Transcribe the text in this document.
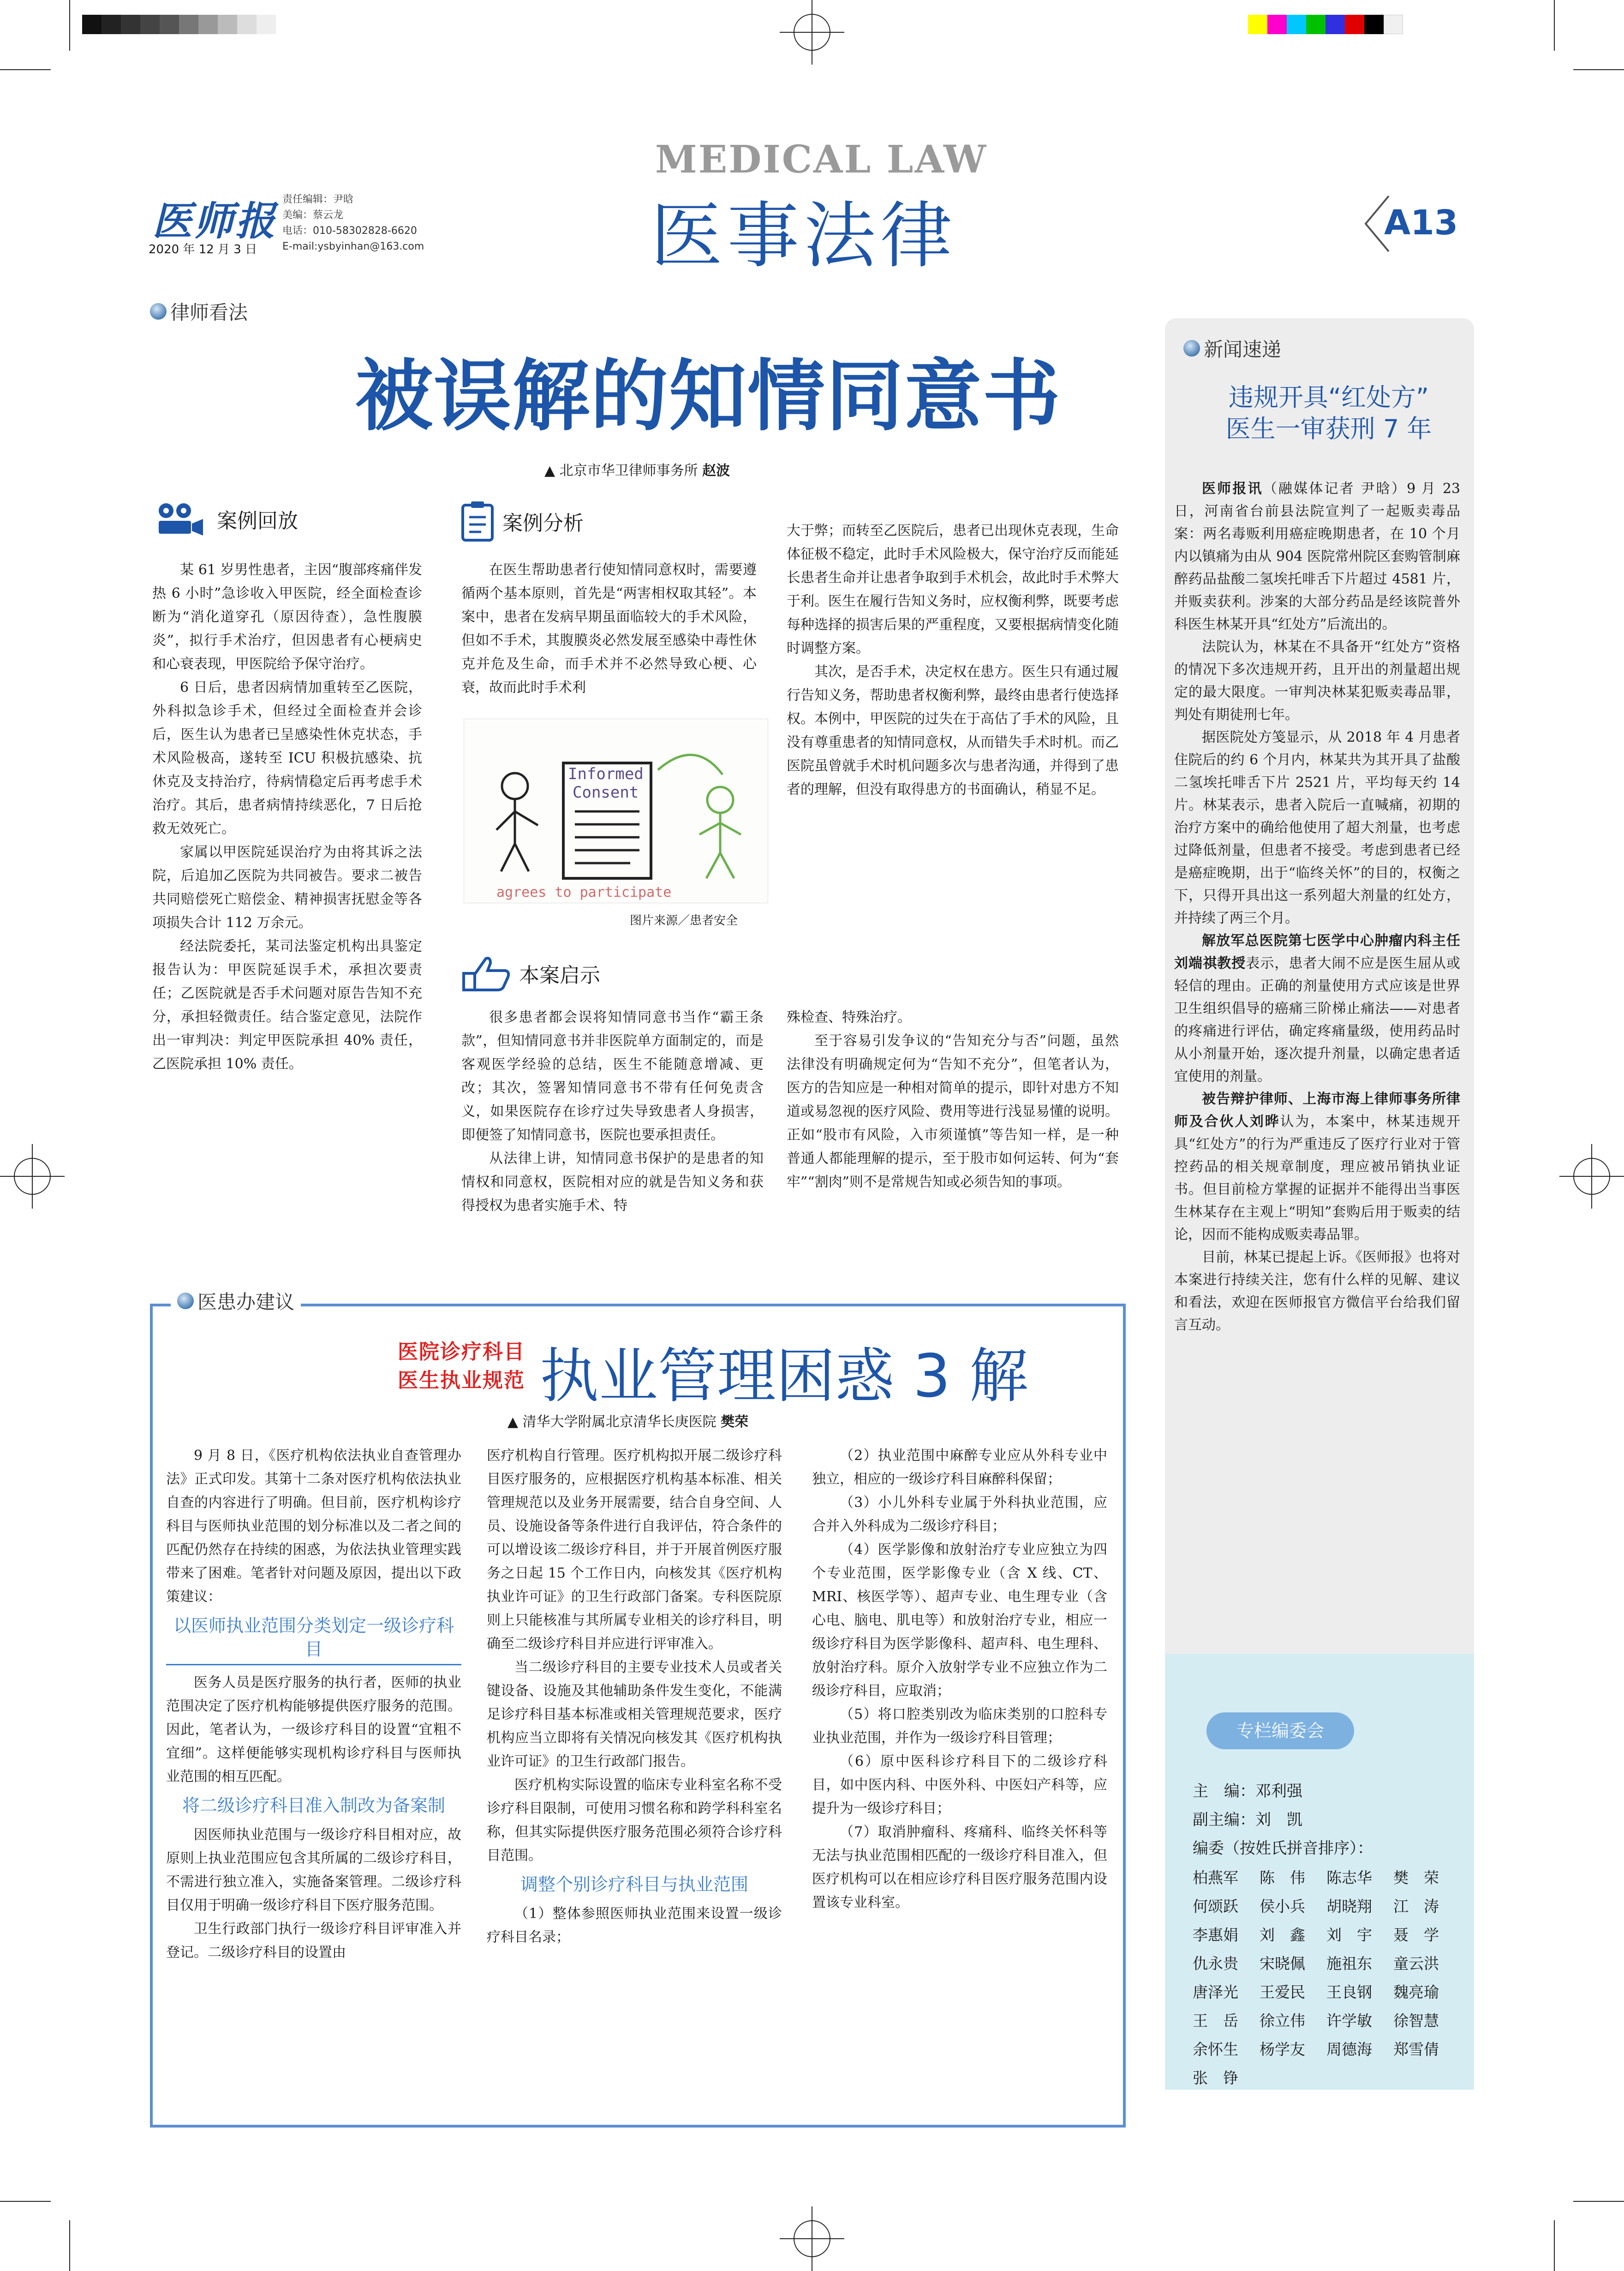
医师报
2020 年 12 月 3 日
责任编辑：尹晗
美编：蔡云龙
电话：010-58302828-6620
E-mail:ysbyinhan@163.com
MEDICAL LAW
医事法律	A13
律师看法
被误解的知情同意书
▲ 北京市华卫律师事务所 赵波
案例回放

某 61 岁男性患者，主因“腹部疼痛伴发热 6 小时”急诊收入甲医院，经全面检查诊断为“消化道穿孔（原因待查），急性腹膜炎”，拟行手术治疗，但因患者有心梗病史和心衰表现，甲医院给予保守治疗。

6 日后，患者因病情加重转至乙医院，外科拟急诊手术，但经过全面检查并会诊后，医生认为患者已呈感染性休克状态，手术风险极高，遂转至 ICU 积极抗感染、抗休克及支持治疗，待病情稳定后再考虑手术治疗。其后，患者病情持续恶化，7 日后抢救无效死亡。

家属以甲医院延误治疗为由将其诉之法院，后追加乙医院为共同被告。要求二被告共同赔偿死亡赔偿金、精神损害抚慰金等各项损失合计 112 万余元。

经法院委托，某司法鉴定机构出具鉴定报告认为：甲医院延误手术，承担次要责任；乙医院就是否手术问题对原告告知不充分，承担轻微责任。结合鉴定意见，法院作出一审判决：判定甲医院承担 40% 责任，乙医院承担 10% 责任。

案例分析

在医生帮助患者行使知情同意权时，需要遵循两个基本原则，首先是“两害相权取其轻”。本案中，患者在发病早期虽面临较大的手术风险，但如不手术，其腹膜炎必然发展至感染中毒性休克并危及生命，而手术并不必然导致心梗、心衰，故而此时手术利

大于弊；而转至乙医院后，患者已出现休克表现，生命体征极不稳定，此时手术风险极大，保守治疗反而能延长患者生命并让患者争取到手术机会，故此时手术弊大于利。医生在履行告知义务时，应权衡利弊，既要考虑每种选择的损害后果的严重程度，又要根据病情变化随时调整方案。

其次，是否手术，决定权在患方。医生只有通过履行告知义务，帮助患者权衡利弊，最终由患者行使选择权。本例中，甲医院的过失在于高估了手术的风险，且没有尊重患者的知情同意权，从而错失手术时机。而乙医院虽曾就手术时机问题多次与患者沟通，并得到了患者的理解，但没有取得患方的书面确认，稍显不足。

Informed
Consent
agrees to participate
图片来源／患者安全
本案启示

很多患者都会误将知情同意书当作“霸王条款”，但知情同意书并非医院单方面制定的，而是客观医学经验的总结，医生不能随意增减、更改；其次，签署知情同意书不带有任何免责含义，如果医院存在诊疗过失导致患者人身损害，即便签了知情同意书，医院也要承担责任。

从法律上讲，知情同意书保护的是患者的知情权和同意权，医院相对应的就是告知义务和获得授权为患者实施手术、特

殊检查、特殊治疗。

至于容易引发争议的“告知充分与否”问题，虽然法律没有明确规定何为“告知不充分”，但笔者认为，医方的告知应是一种相对简单的提示，即针对患方不知道或易忽视的医疗风险、费用等进行浅显易懂的说明。正如“股市有风险，入市须谨慎”等告知一样，是一种普通人都能理解的提示，至于股市如何运转、何为“套牢”“割肉”则不是常规告知或必须告知的事项。

新闻速递
违规开具“红处方”
医生一审获刑 7 年

医师报讯（融媒体记者 尹晗）9 月 23 日，河南省台前县法院宣判了一起贩卖毒品案：两名毒贩利用癌症晚期患者，在 10 个月内以镇痛为由从 904 医院常州院区套购管制麻醉药品盐酸二氢埃托啡舌下片超过 4581 片，并贩卖获利。涉案的大部分药品是经该院普外科医生林某开具“红处方”后流出的。

法院认为，林某在不具备开“红处方”资格的情况下多次违规开药，且开出的剂量超出规定的最大限度。一审判决林某犯贩卖毒品罪，判处有期徒刑七年。

据医院处方笺显示，从 2018 年 4 月患者住院后的约 6 个月内，林某共为其开具了盐酸二氢埃托啡舌下片 2521 片，平均每天约 14 片。林某表示，患者入院后一直喊痛，初期的治疗方案中的确给他使用了超大剂量，也考虑过降低剂量，但患者不接受。考虑到患者已经是癌症晚期，出于“临终关怀”的目的，权衡之下，只得开具出这一系列超大剂量的红处方，并持续了两三个月。

解放军总医院第七医学中心肿瘤内科主任刘端祺教授表示，患者大闹不应是医生屈从或轻信的理由。正确的剂量使用方式应该是世界卫生组织倡导的癌痛三阶梯止痛法——对患者的疼痛进行评估，确定疼痛量级，使用药品时从小剂量开始，逐次提升剂量，以确定患者适宜使用的剂量。

被告辩护律师、上海市海上律师事务所律师及合伙人刘晔认为，本案中，林某违规开具“红处方”的行为严重违反了医疗行业对于管控药品的相关规章制度，理应被吊销执业证书。但目前检方掌握的证据并不能得出当事医生林某存在主观上“明知”套购后用于贩卖的结论，因而不能构成贩卖毒品罪。

目前，林某已提起上诉。《医师报》也将对本案进行持续关注，您有什么样的见解、建议和看法，欢迎在医师报官方微信平台给我们留言互动。

专栏编委会
主　编：邓利强
副主编：刘　凯
编委（按姓氏拼音排序）：
柏燕军	陈　伟	陈志华	樊　荣
何颂跃	侯小兵	胡晓翔	江　涛
李惠娟	刘　鑫	刘　宇	聂　学
仇永贵	宋晓佩	施祖东	童云洪
唐泽光	王爱民	王良钢	魏亮瑜
王　岳	徐立伟	许学敏	徐智慧
余怀生	杨学友	周德海	郑雪倩
张　铮
医患办建议
医院诊疗科目
医生执业规范 执业管理困惑 3 解
▲ 清华大学附属北京清华长庚医院 樊荣

9 月 8 日，《医疗机构依法执业自查管理办法》正式印发。其第十二条对医疗机构依法执业自查的内容进行了明确。但目前，医疗机构诊疗科目与医师执业范围的划分标准以及二者之间的匹配仍然存在持续的困惑，为依法执业管理实践带来了困难。笔者针对问题及原因，提出以下政策建议：

以医师执业范围分类划定一级诊疗科目

医务人员是医疗服务的执行者，医师的执业范围决定了医疗机构能够提供医疗服务的范围。因此，笔者认为，一级诊疗科目的设置“宜粗不宜细”。这样便能够实现机构诊疗科目与医师执业范围的相互匹配。

将二级诊疗科目准入制改为备案制

因医师执业范围与一级诊疗科目相对应，故原则上执业范围应包含其所属的二级诊疗科目，不需进行独立准入，实施备案管理。二级诊疗科目仅用于明确一级诊疗科目下医疗服务范围。

卫生行政部门执行一级诊疗科目评审准入并登记。二级诊疗科目的设置由

医疗机构自行管理。医疗机构拟开展二级诊疗科目医疗服务的，应根据医疗机构基本标准、相关管理规范以及业务开展需要，结合自身空间、人员、设施设备等条件进行自我评估，符合条件的可以增设该二级诊疗科目，并于开展首例医疗服务之日起 15 个工作日内，向核发其《医疗机构执业许可证》的卫生行政部门备案。专科医院原则上只能核准与其所属专业相关的诊疗科目，明确至二级诊疗科目并应进行评审准入。

当二级诊疗科目的主要专业技术人员或者关键设备、设施及其他辅助条件发生变化，不能满足诊疗科目基本标准或相关管理规范要求，医疗机构应当立即将有关情况向核发其《医疗机构执业许可证》的卫生行政部门报告。

医疗机构实际设置的临床专业科室名称不受诊疗科目限制，可使用习惯名称和跨学科科室名称，但其实际提供医疗服务范围必须符合诊疗科目范围。

调整个别诊疗科目与执业范围

（1）整体参照医师执业范围来设置一级诊疗科目名录；

（2）执业范围中麻醉专业应从外科专业中独立，相应的一级诊疗科目麻醉科保留；

（3）小儿外科专业属于外科执业范围，应合并入外科成为二级诊疗科目；

（4）医学影像和放射治疗专业应独立为四个专业范围，医学影像专业（含 X 线、CT、MRI、核医学等）、超声专业、电生理专业（含心电、脑电、肌电等）和放射治疗专业，相应一级诊疗科目为医学影像科、超声科、电生理科、放射治疗科。原介入放射学专业不应独立作为二级诊疗科目，应取消；

（5）将口腔类别改为临床类别的口腔科专业执业范围，并作为一级诊疗科目管理；

（6）原中医科诊疗科目下的二级诊疗科目，如中医内科、中医外科、中医妇产科等，应提升为一级诊疗科目；

（7）取消肿瘤科、疼痛科、临终关怀科等无法与执业范围相匹配的一级诊疗科目准入，但医疗机构可以在相应诊疗科目医疗服务范围内设置该专业科室。
